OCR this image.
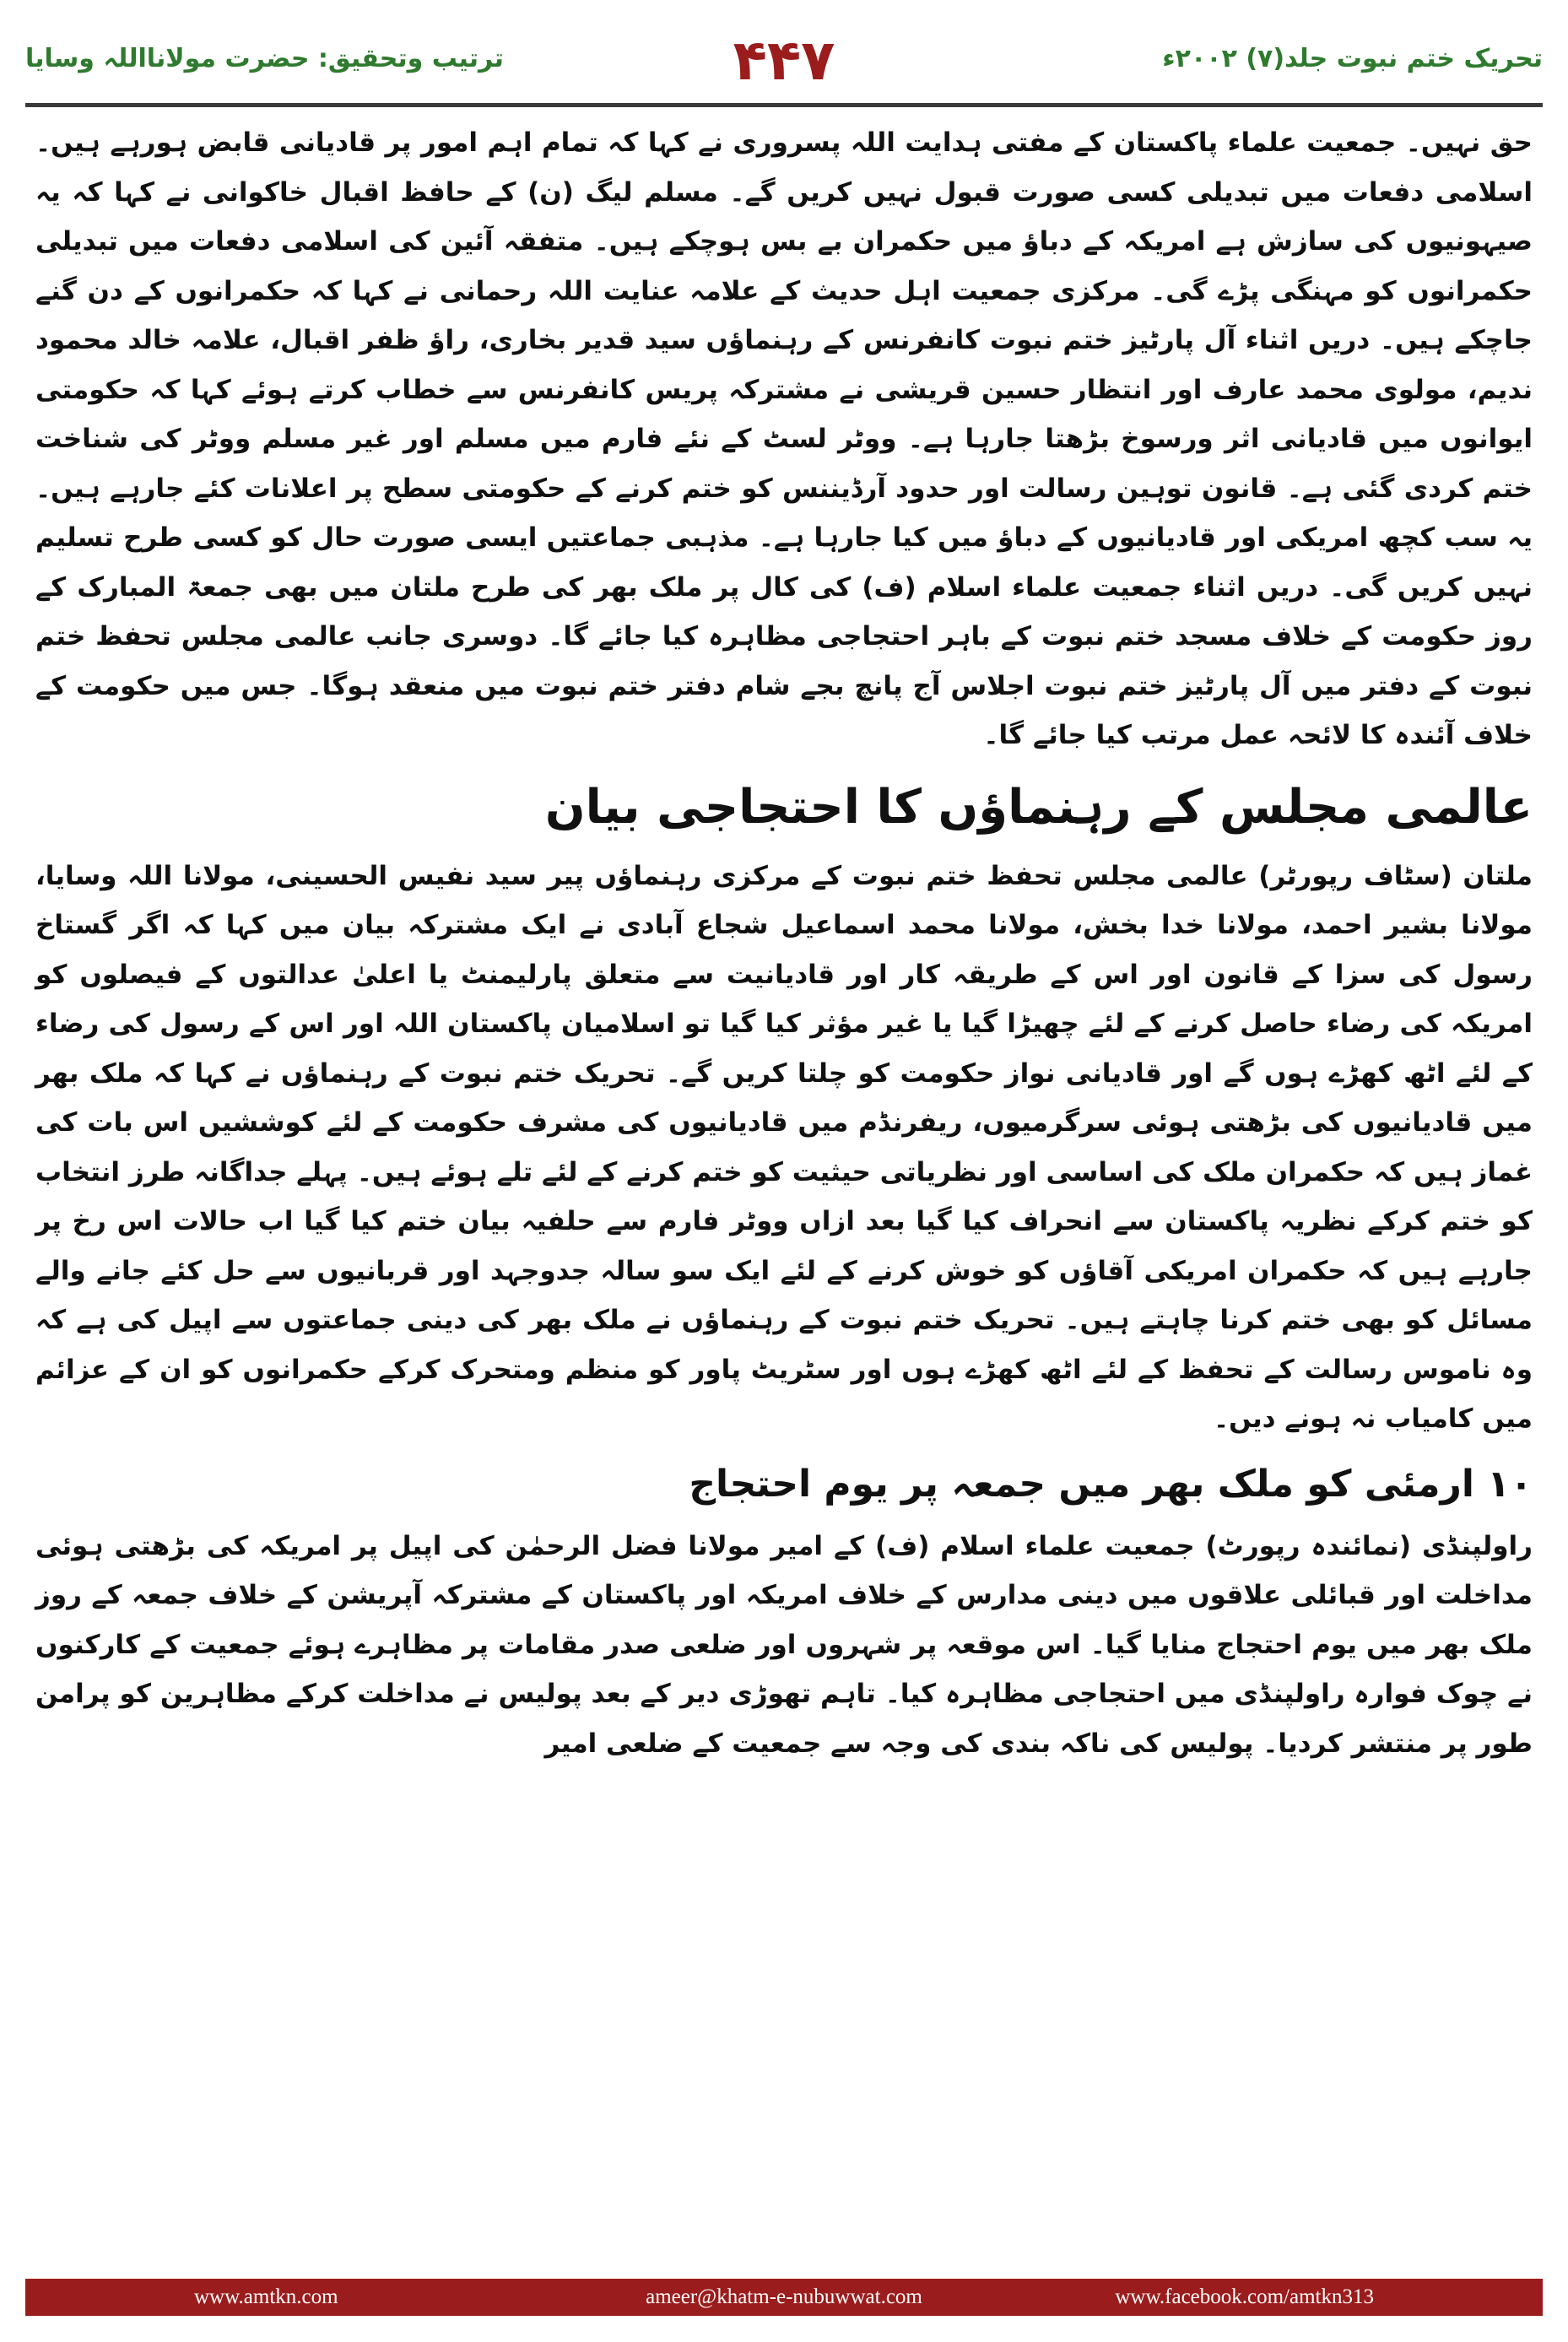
ترتیب وتحقیق: حضرت مولانااللہ وسایا	۴۴۷	تحریک ختم نبوت جلد(۷) ۲۰۰۲ء

حق نہیں۔ جمعیت علماء پاکستان کے مفتی ہدایت اللہ پسروری نے کہا کہ تمام اہم امور پر قادیانی قابض ہورہے ہیں۔ اسلامی دفعات میں تبدیلی کسی صورت قبول نہیں کریں گے۔ مسلم لیگ (ن) کے حافظ اقبال خاکوانی نے کہا کہ یہ صیہونیوں کی سازش ہے امریکہ کے دباؤ میں حکمران بے بس ہوچکے ہیں۔ متفقہ آئین کی اسلامی دفعات میں تبدیلی حکمرانوں کو مہنگی پڑے گی۔ مرکزی جمعیت اہل حدیث کے علامہ عنایت اللہ رحمانی نے کہا کہ حکمرانوں کے دن گنے جاچکے ہیں۔ دریں اثناء آل پارٹیز ختم نبوت کانفرنس کے رہنماؤں سید قدیر بخاری، راؤ ظفر اقبال، علامہ خالد محمود ندیم، مولوی محمد عارف اور انتظار حسین قریشی نے مشترکہ پریس کانفرنس سے خطاب کرتے ہوئے کہا کہ حکومتی ایوانوں میں قادیانی اثر ورسوخ بڑھتا جارہا ہے۔ ووٹر لسٹ کے نئے فارم میں مسلم اور غیر مسلم ووٹر کی شناخت ختم کردی گئی ہے۔ قانون توہین رسالت اور حدود آرڈیننس کو ختم کرنے کے حکومتی سطح پر اعلانات کئے جارہے ہیں۔ یہ سب کچھ امریکی اور قادیانیوں کے دباؤ میں کیا جارہا ہے۔ مذہبی جماعتیں ایسی صورت حال کو کسی طرح تسلیم نہیں کریں گی۔ دریں اثناء جمعیت علماء اسلام (ف) کی کال پر ملک بھر کی طرح ملتان میں بھی جمعۃ المبارک کے روز حکومت کے خلاف مسجد ختم نبوت کے باہر احتجاجی مظاہرہ کیا جائے گا۔ دوسری جانب عالمی مجلس تحفظ ختم نبوت کے دفتر میں آل پارٹیز ختم نبوت اجلاس آج پانچ بجے شام دفتر ختم نبوت میں منعقد ہوگا۔ جس میں حکومت کے خلاف آئندہ کا لائحہ عمل مرتب کیا جائے گا۔

عالمی مجلس کے رہنماؤں کا احتجاجی بیان

ملتان (سٹاف رپورٹر) عالمی مجلس تحفظ ختم نبوت کے مرکزی رہنماؤں پیر سید نفیس الحسینی، مولانا اللہ وسایا، مولانا بشیر احمد، مولانا خدا بخش، مولانا محمد اسماعیل شجاع آبادی نے ایک مشترکہ بیان میں کہا کہ اگر گستاخ رسول کی سزا کے قانون اور اس کے طریقہ کار اور قادیانیت سے متعلق پارلیمنٹ یا اعلیٰ عدالتوں کے فیصلوں کو امریکہ کی رضاء حاصل کرنے کے لئے چھیڑا گیا یا غیر مؤثر کیا گیا تو اسلامیان پاکستان اللہ اور اس کے رسول کی رضاء کے لئے اٹھ کھڑے ہوں گے اور قادیانی نواز حکومت کو چلتا کریں گے۔ تحریک ختم نبوت کے رہنماؤں نے کہا کہ ملک بھر میں قادیانیوں کی بڑھتی ہوئی سرگرمیوں، ریفرنڈم میں قادیانیوں کی مشرف حکومت کے لئے کوششیں اس بات کی غماز ہیں کہ حکمران ملک کی اساسی اور نظریاتی حیثیت کو ختم کرنے کے لئے تلے ہوئے ہیں۔ پہلے جداگانہ طرز انتخاب کو ختم کرکے نظریہ پاکستان سے انحراف کیا گیا بعد ازاں ووٹر فارم سے حلفیہ بیان ختم کیا گیا اب حالات اس رخ پر جارہے ہیں کہ حکمران امریکی آقاؤں کو خوش کرنے کے لئے ایک سو سالہ جدوجہد اور قربانیوں سے حل کئے جانے والے مسائل کو بھی ختم کرنا چاہتے ہیں۔ تحریک ختم نبوت کے رہنماؤں نے ملک بھر کی دینی جماعتوں سے اپیل کی ہے کہ وہ ناموس رسالت کے تحفظ کے لئے اٹھ کھڑے ہوں اور سٹریٹ پاور کو منظم ومتحرک کرکے حکمرانوں کو ان کے عزائم میں کامیاب نہ ہونے دیں۔

۱۰ ارمئی کو ملک بھر میں جمعہ پر یوم احتجاج

راولپنڈی (نمائندہ رپورٹ) جمعیت علماء اسلام (ف) کے امیر مولانا فضل الرحمٰن کی اپیل پر امریکہ کی بڑھتی ہوئی مداخلت اور قبائلی علاقوں میں دینی مدارس کے خلاف امریکہ اور پاکستان کے مشترکہ آپریشن کے خلاف جمعہ کے روز ملک بھر میں یوم احتجاج منایا گیا۔ اس موقعہ پر شہروں اور ضلعی صدر مقامات پر مظاہرے ہوئے جمعیت کے کارکنوں نے چوک فوارہ راولپنڈی میں احتجاجی مظاہرہ کیا۔ تاہم تھوڑی دیر کے بعد پولیس نے مداخلت کرکے مظاہرین کو پرامن طور پر منتشر کردیا۔ پولیس کی ناکہ بندی کی وجہ سے جمعیت کے ضلعی امیر

www.amtkn.com	ameer@khatm-e-nubuwwat.com	www.facebook.com/amtkn313
